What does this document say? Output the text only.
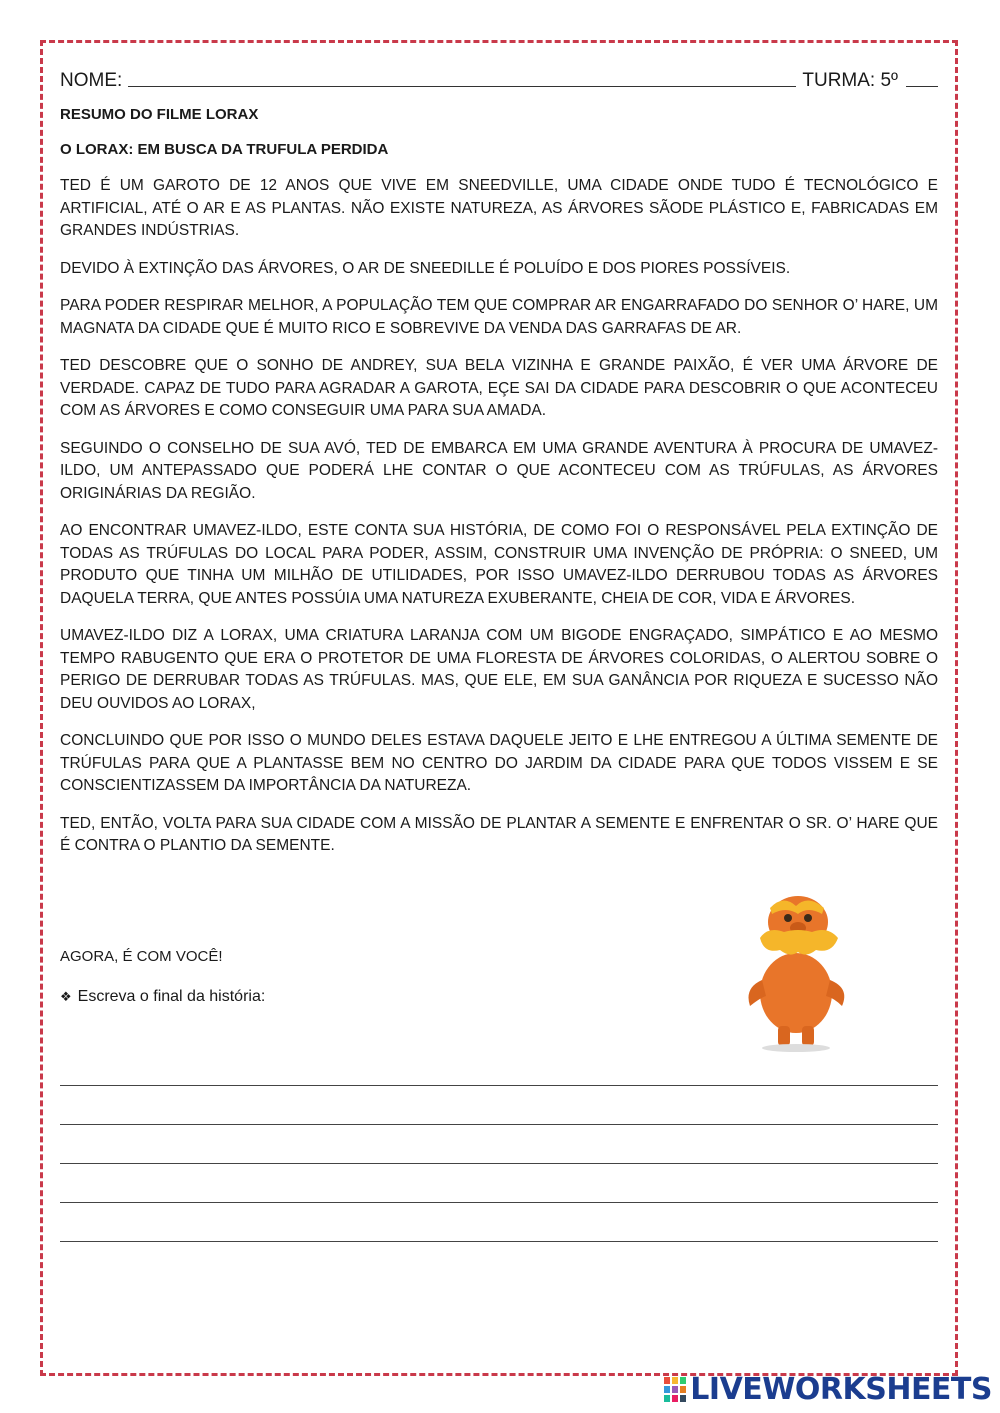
NOME:	TURMA: 5º
RESUMO DO FILME LORAX
O LORAX: EM BUSCA DA TRUFULA PERDIDA

TED É UM GAROTO DE 12 ANOS QUE VIVE EM SNEEDVILLE, UMA CIDADE ONDE TUDO É TECNOLÓGICO E ARTIFICIAL, ATÉ O AR E AS PLANTAS. NÃO EXISTE NATUREZA, AS ÁRVORES SÃODE PLÁSTICO E, FABRICADAS EM GRANDES INDÚSTRIAS.

DEVIDO À EXTINÇÃO DAS ÁRVORES, O AR DE SNEEDILLE É POLUÍDO E DOS PIORES POSSÍVEIS.

PARA PODER RESPIRAR MELHOR, A POPULAÇÃO TEM QUE COMPRAR AR ENGARRAFADO DO SENHOR O’ HARE, UM MAGNATA DA CIDADE QUE É MUITO RICO E SOBREVIVE DA VENDA DAS GARRAFAS DE AR.

TED DESCOBRE QUE O SONHO DE ANDREY, SUA BELA VIZINHA E GRANDE PAIXÃO, É VER UMA ÁRVORE DE VERDADE. CAPAZ DE TUDO PARA AGRADAR A GAROTA, EÇE SAI DA CIDADE PARA DESCOBRIR O QUE ACONTECEU COM AS ÁRVORES E COMO CONSEGUIR UMA PARA SUA AMADA.

SEGUINDO O CONSELHO DE SUA AVÓ, TED DE EMBARCA EM UMA GRANDE AVENTURA À PROCURA DE UMAVEZ-ILDO, UM ANTEPASSADO QUE PODERÁ LHE CONTAR O QUE ACONTECEU COM AS TRÚFULAS, AS ÁRVORES ORIGINÁRIAS DA REGIÃO.

AO ENCONTRAR UMAVEZ-ILDO, ESTE CONTA SUA HISTÓRIA, DE COMO FOI O RESPONSÁVEL PELA EXTINÇÃO DE TODAS AS TRÚFULAS DO LOCAL PARA PODER, ASSIM, CONSTRUIR UMA INVENÇÃO DE PRÓPRIA: O SNEED, UM PRODUTO QUE TINHA UM MILHÃO DE UTILIDADES, POR ISSO UMAVEZ-ILDO DERRUBOU TODAS AS ÁRVORES DAQUELA TERRA, QUE ANTES POSSÚIA UMA NATUREZA EXUBERANTE, CHEIA DE COR, VIDA E ÁRVORES.

UMAVEZ-ILDO DIZ A LORAX, UMA CRIATURA LARANJA COM UM BIGODE ENGRAÇADO, SIMPÁTICO E AO MESMO TEMPO RABUGENTO QUE ERA O PROTETOR DE UMA FLORESTA DE ÁRVORES COLORIDAS, O ALERTOU SOBRE O PERIGO DE DERRUBAR TODAS AS TRÚFULAS. MAS, QUE ELE, EM SUA GANÂNCIA POR RIQUEZA E SUCESSO NÃO DEU OUVIDOS AO LORAX,

CONCLUINDO QUE POR ISSO O MUNDO DELES ESTAVA DAQUELE JEITO E LHE ENTREGOU A ÚLTIMA SEMENTE DE TRÚFULAS PARA QUE A PLANTASSE BEM NO CENTRO DO JARDIM DA CIDADE PARA QUE TODOS VISSEM E SE CONSCIENTIZASSEM DA IMPORTÂNCIA DA NATUREZA.

TED, ENTÃO, VOLTA PARA SUA CIDADE COM A MISSÃO DE PLANTAR A SEMENTE E ENFRENTAR O SR. O’ HARE QUE É CONTRA O PLANTIO DA SEMENTE.

AGORA, É COM VOCÊ!
❖ Escreva o final da história:
LIVEWORKSHEETS
